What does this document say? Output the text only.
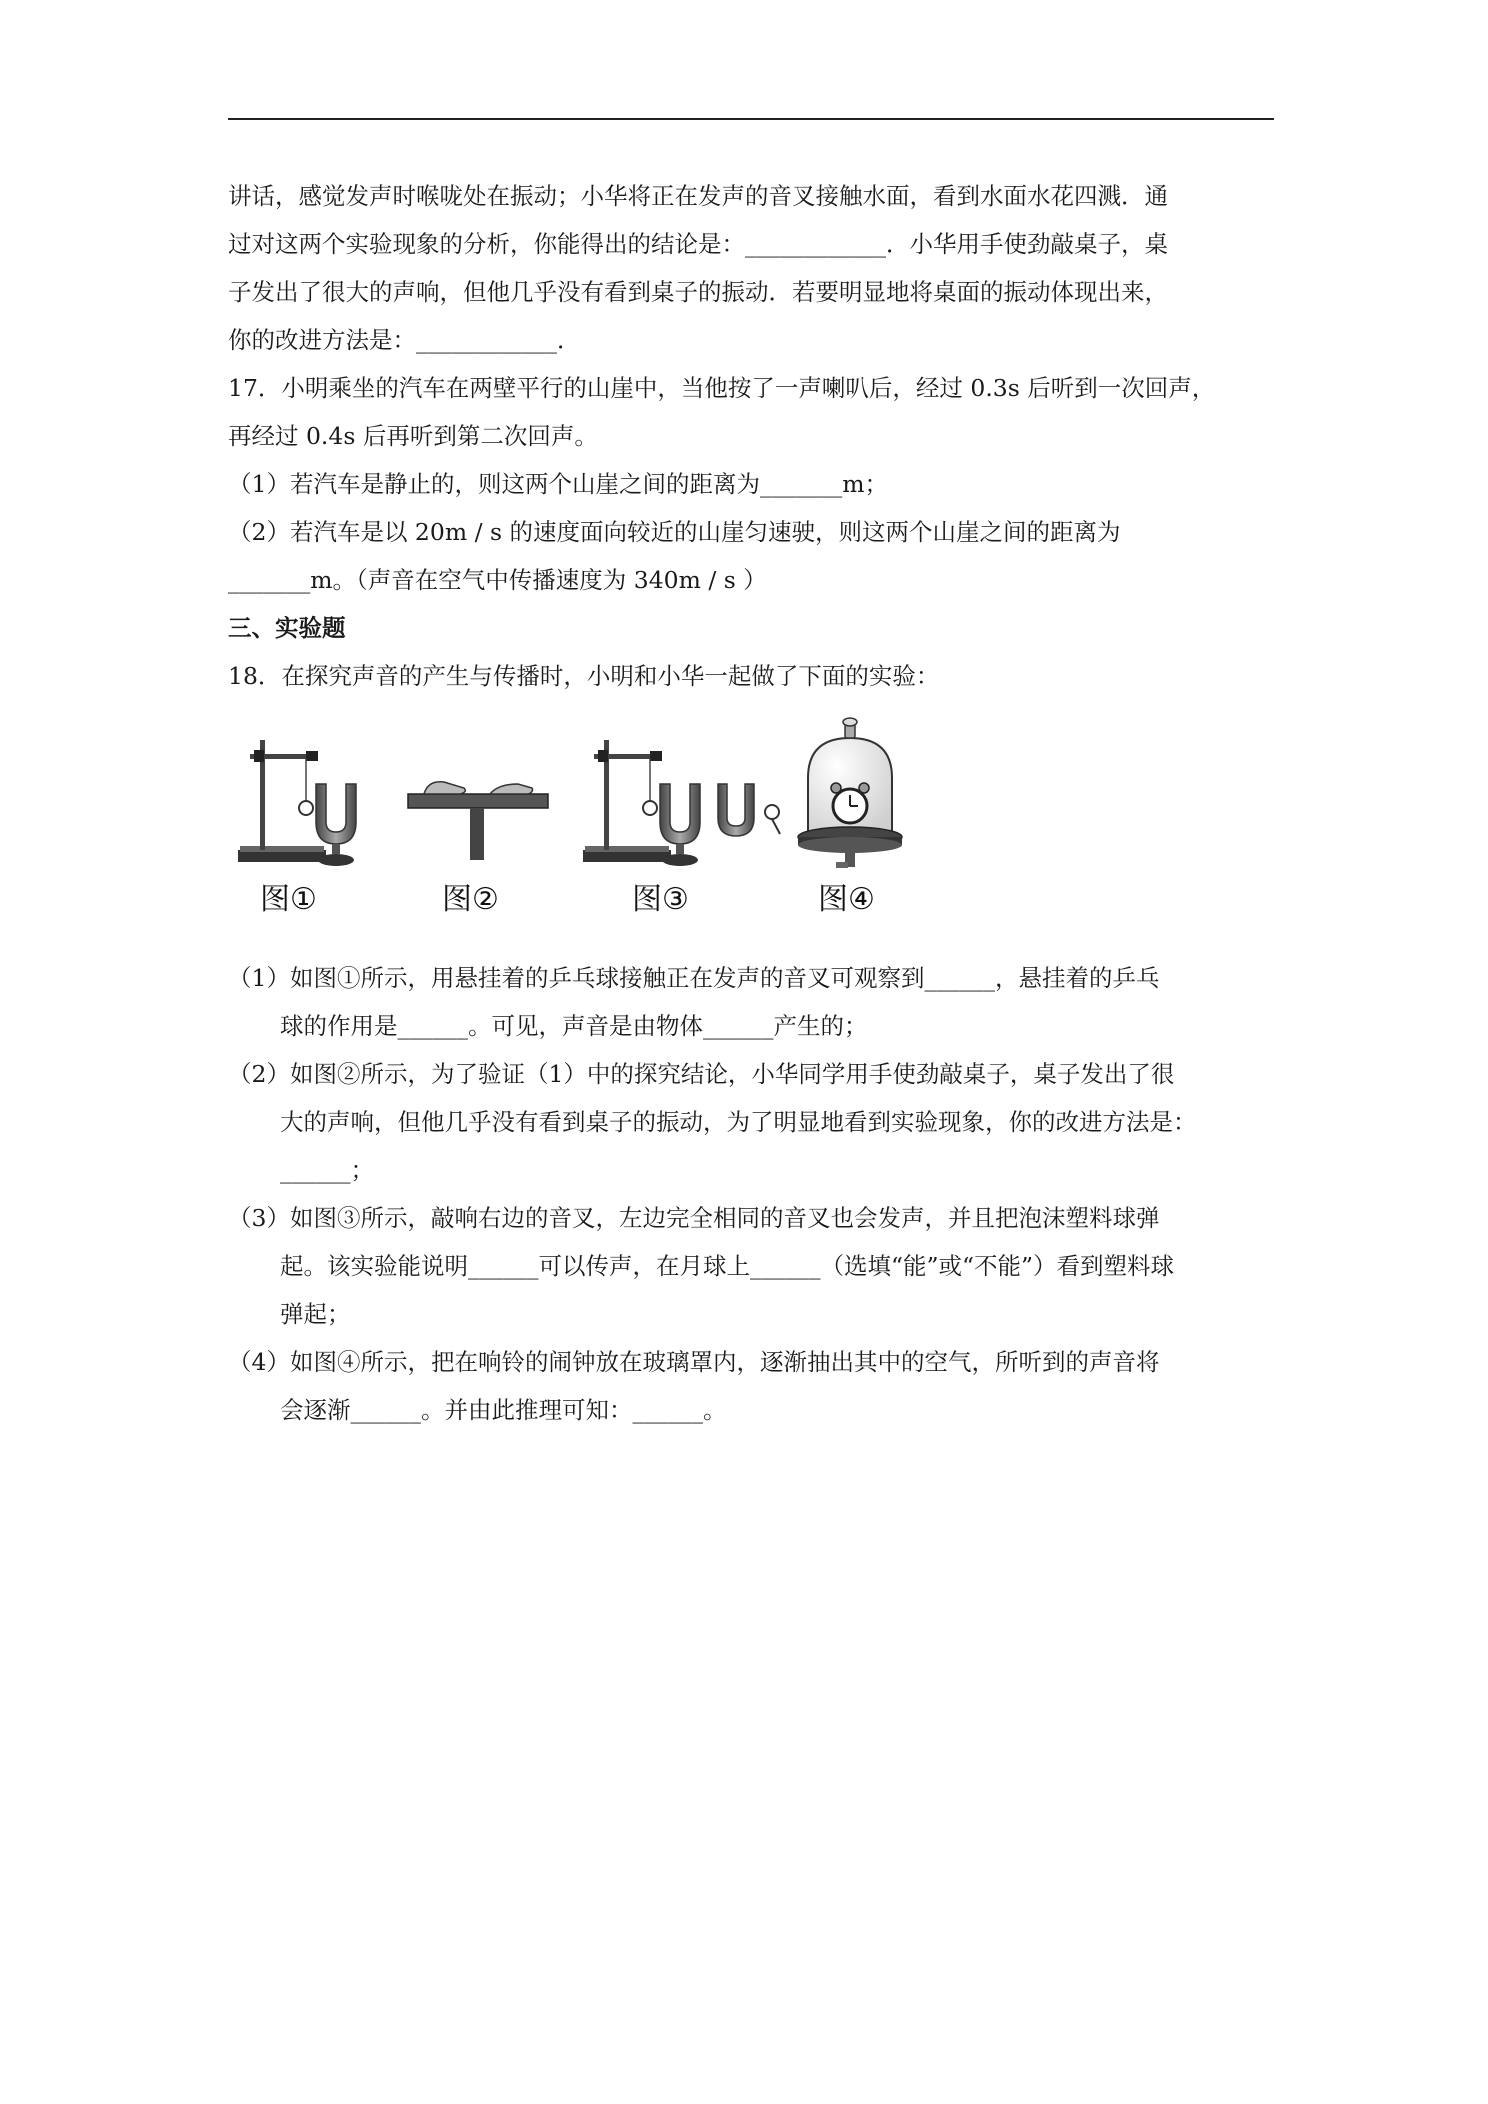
讲话，感觉发声时喉咙处在振动；小华将正在发声的音叉接触水面，看到水面水花四溅．通
过对这两个实验现象的分析，你能得出的结论是：____________．小华用手使劲敲桌子，桌
子发出了很大的声响，但他几乎没有看到桌子的振动．若要明显地将桌面的振动体现出来，
你的改进方法是：____________．
17．小明乘坐的汽车在两壁平行的山崖中，当他按了一声喇叭后，经过 0.3s 后听到一次回声，
再经过 0.4s 后再听到第二次回声。
（1）若汽车是静止的，则这两个山崖之间的距离为_______m；
（2）若汽车是以 20m / s 的速度面向较近的山崖匀速驶，则这两个山崖之间的距离为
_______m。（声音在空气中传播速度为 340m / s ）
三、实验题
18．在探究声音的产生与传播时，小明和小华一起做了下面的实验：
图①	图②	图③	图④
（1）如图①所示，用悬挂着的乒乓球接触正在发声的音叉可观察到______，悬挂着的乒乓
球的作用是______。可见，声音是由物体______产生的；
（2）如图②所示，为了验证（1）中的探究结论，小华同学用手使劲敲桌子，桌子发出了很
大的声响，但他几乎没有看到桌子的振动，为了明显地看到实验现象，你的改进方法是：
______；
（3）如图③所示，敲响右边的音叉，左边完全相同的音叉也会发声，并且把泡沫塑料球弹
起。该实验能说明______可以传声，在月球上______（选填“能”或“不能”）看到塑料球
弹起；
（4）如图④所示，把在响铃的闹钟放在玻璃罩内，逐渐抽出其中的空气，所听到的声音将
会逐渐______。并由此推理可知：______。
